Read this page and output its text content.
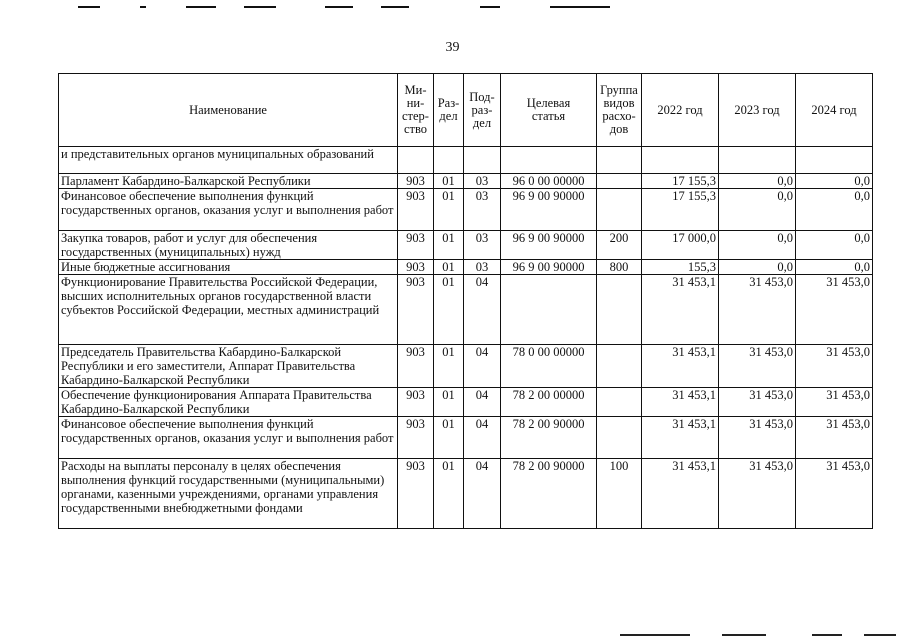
39
Наименование	Ми-
ни-
стер-
ство	Раз-
дел	Под-
раз-
дел	Целевая
статья	Группа
видов
расхо-
дов	2022 год	2023 год	2024 год
и представительных органов муниципальных образований								
Парламент Кабардино-Балкарской Республики	903	01	03	96 0 00 00000		17 155,3	0,0	0,0
Финансовое обеспечение выполнения функций государственных органов, оказания услуг и выполнения работ	903	01	03	96 9 00 90000		17 155,3	0,0	0,0
Закупка товаров, работ и услуг для обеспечения государственных (муниципальных) нужд	903	01	03	96 9 00 90000	200	17 000,0	0,0	0,0
Иные бюджетные ассигнования	903	01	03	96 9 00 90000	800	155,3	0,0	0,0
Функционирование Правительства Российской Федерации, высших исполнительных органов государственной власти субъектов Российской Федерации, местных администраций	903	01	04			31 453,1	31 453,0	31 453,0
Председатель Правительства Кабардино-Балкарской Республики и его заместители, Аппарат Правительства Кабардино-Балкарской Республики	903	01	04	78 0 00 00000		31 453,1	31 453,0	31 453,0
Обеспечение функционирования Аппарата Правительства Кабардино-Балкарской Республики	903	01	04	78 2 00 00000		31 453,1	31 453,0	31 453,0
Финансовое обеспечение выполнения функций государственных органов, оказания услуг и выполнения работ	903	01	04	78 2 00 90000		31 453,1	31 453,0	31 453,0
Расходы на выплаты персоналу в целях обеспечения выполнения функций государственными (муниципальными) органами, казенными учреждениями, органами управления государственными внебюджетными фондами	903	01	04	78 2 00 90000	100	31 453,1	31 453,0	31 453,0
